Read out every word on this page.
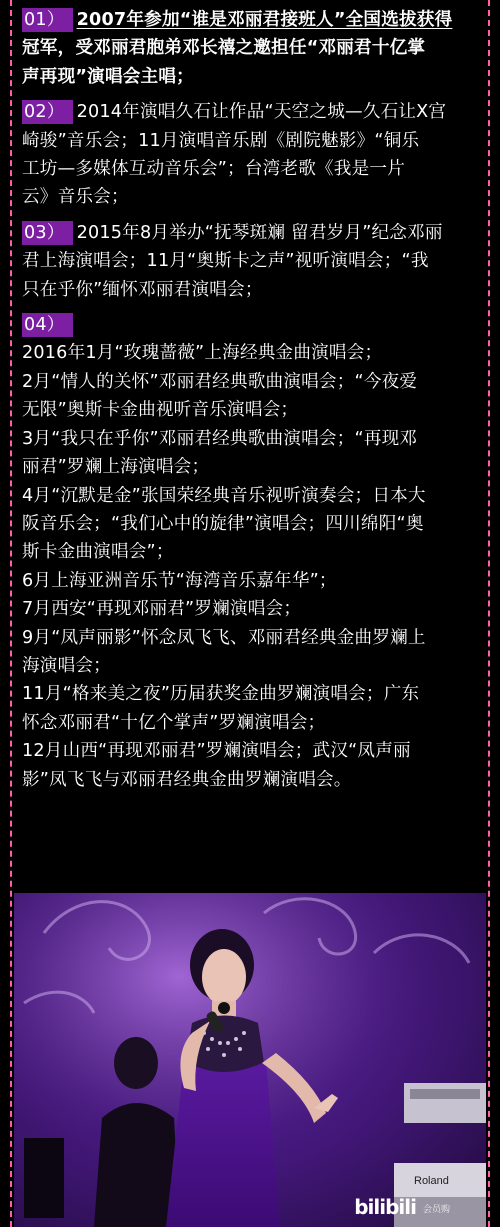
01） 2007年参加“谁是邓丽君接班人”全国选拔获得
冠军，受邓丽君胞弟邓长禧之邀担任“邓丽君十亿掌
声再现”演唱会主唱；
02） 2014年演唱久石让作品“天空之城—久石让X宫
崎骏”音乐会；11月演唱音乐剧《剧院魅影》“铜乐
工坊—多媒体互动音乐会”；台湾老歌《我是一片
云》音乐会；
03） 2015年8月举办“抚琴斑斓 留君岁月”纪念邓丽
君上海演唱会；11月“奥斯卡之声”视听演唱会；“我
只在乎你”缅怀邓丽君演唱会；
04）
2016年1月“玫瑰蔷薇”上海经典金曲演唱会；
2月“情人的关怀”邓丽君经典歌曲演唱会；“今夜爱
无限”奥斯卡金曲视听音乐演唱会；
3月“我只在乎你”邓丽君经典歌曲演唱会；“再现邓
丽君”罗斓上海演唱会；
4月“沉默是金”张国荣经典音乐视听演奏会；日本大
阪音乐会；“我们心中的旋律”演唱会；四川绵阳“奥
斯卡金曲演唱会”；
6月上海亚洲音乐节“海湾音乐嘉年华”；
7月西安“再现邓丽君”罗斓演唱会；
9月“凤声丽影”怀念凤飞飞、邓丽君经典金曲罗斓上
海演唱会；
11月“格来美之夜”历届获奖金曲罗斓演唱会；广东
怀念邓丽君“十亿个掌声”罗斓演唱会；
12月山西“再现邓丽君”罗斓演唱会；武汉“凤声丽
影”凤飞飞与邓丽君经典金曲罗斓演唱会。
Roland
bilibili 会员购
